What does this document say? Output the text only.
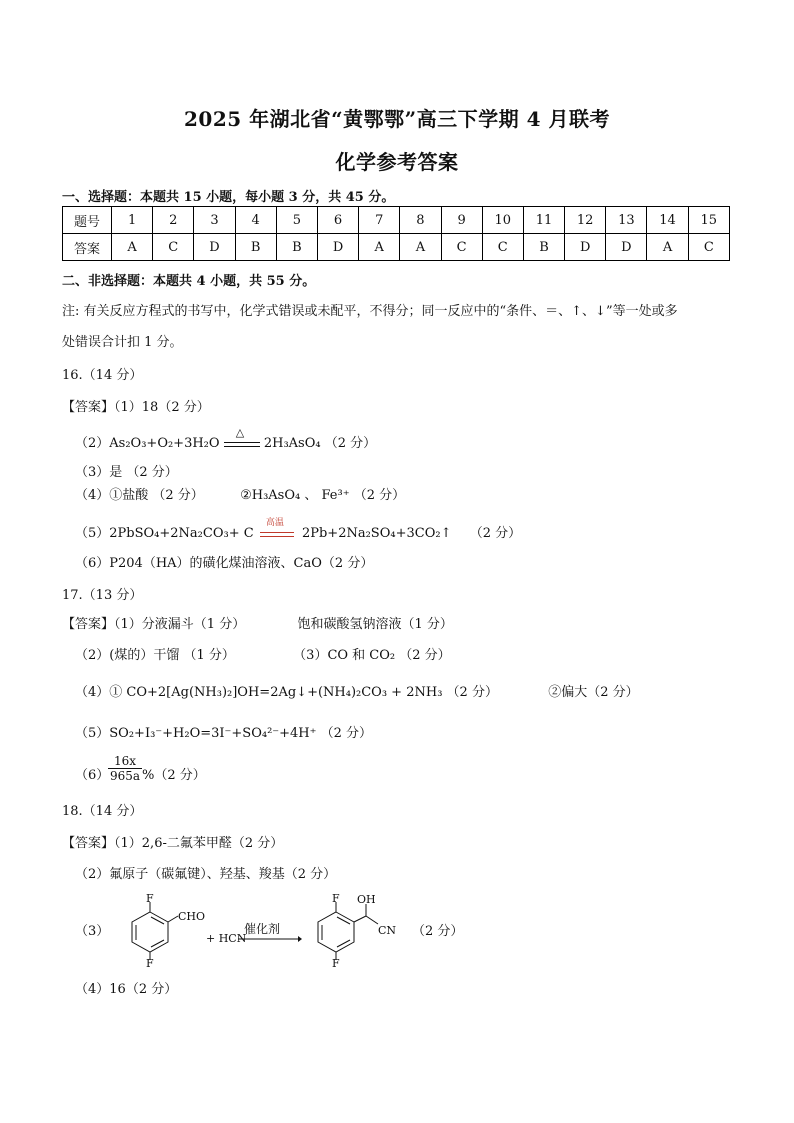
2025 年湖北省“黄鄂鄂”高三下学期 4 月联考
化学参考答案
一、选择题：本题共 15 小题，每小题 3 分，共 45 分。
题号	1	2	3	4	5	6	7	8	9	10	11	12	13	14	15
答案	A	C	D	B	B	D	A	A	C	C	B	D	D	A	C
二、非选择题：本题共 4 小题，共 55 分。
注: 有关反应方程式的书写中，化学式错误或未配平，不得分；同一反应中的“条件、＝、↑、↓”等一处或多
处错误合计扣 1 分。
16.（14 分）
【答案】（1）18（2 分）
（2）As₂O₃+O₂+3H₂O
△
2H₃AsO₄ （2 分）
（3）是 （2 分）
（4）①盐酸 （2 分）	②H₃AsO₄ 、 Fe³⁺ （2 分）
（5）2PbSO₄+2Na₂CO₃+ C
高温
2Pb+2Na₂SO₄+3CO₂↑ （2 分）
（6）P204（HA）的磺化煤油溶液、CaO（2 分）
17.（13 分）
【答案】（1）分液漏斗（1 分）	饱和碳酸氢钠溶液（1 分）
（2）(煤的）干馏 （1 分）	（3）CO 和 CO₂ （2 分）
（4）① CO+2[Ag(NH₃)₂]OH=2Ag↓+(NH₄)₂CO₃ + 2NH₃ （2 分）	②偏大（2 分）
（5）SO₂+I₃⁻+H₂O=3I⁻+SO₄²⁻+4H⁺ （2 分）
（6）
$\frac{16x}{965a} \%(2$ 分）
18.（14 分）
【答案】（1）2,6-二氟苯甲醛（2 分）
（2）氟原子（碳氟键）、羟基、羧基（2 分）
（3）
F
CHO
F
+ HCN
催化剂
F OH
CN
F
（2 分）
（4）16（2 分）
